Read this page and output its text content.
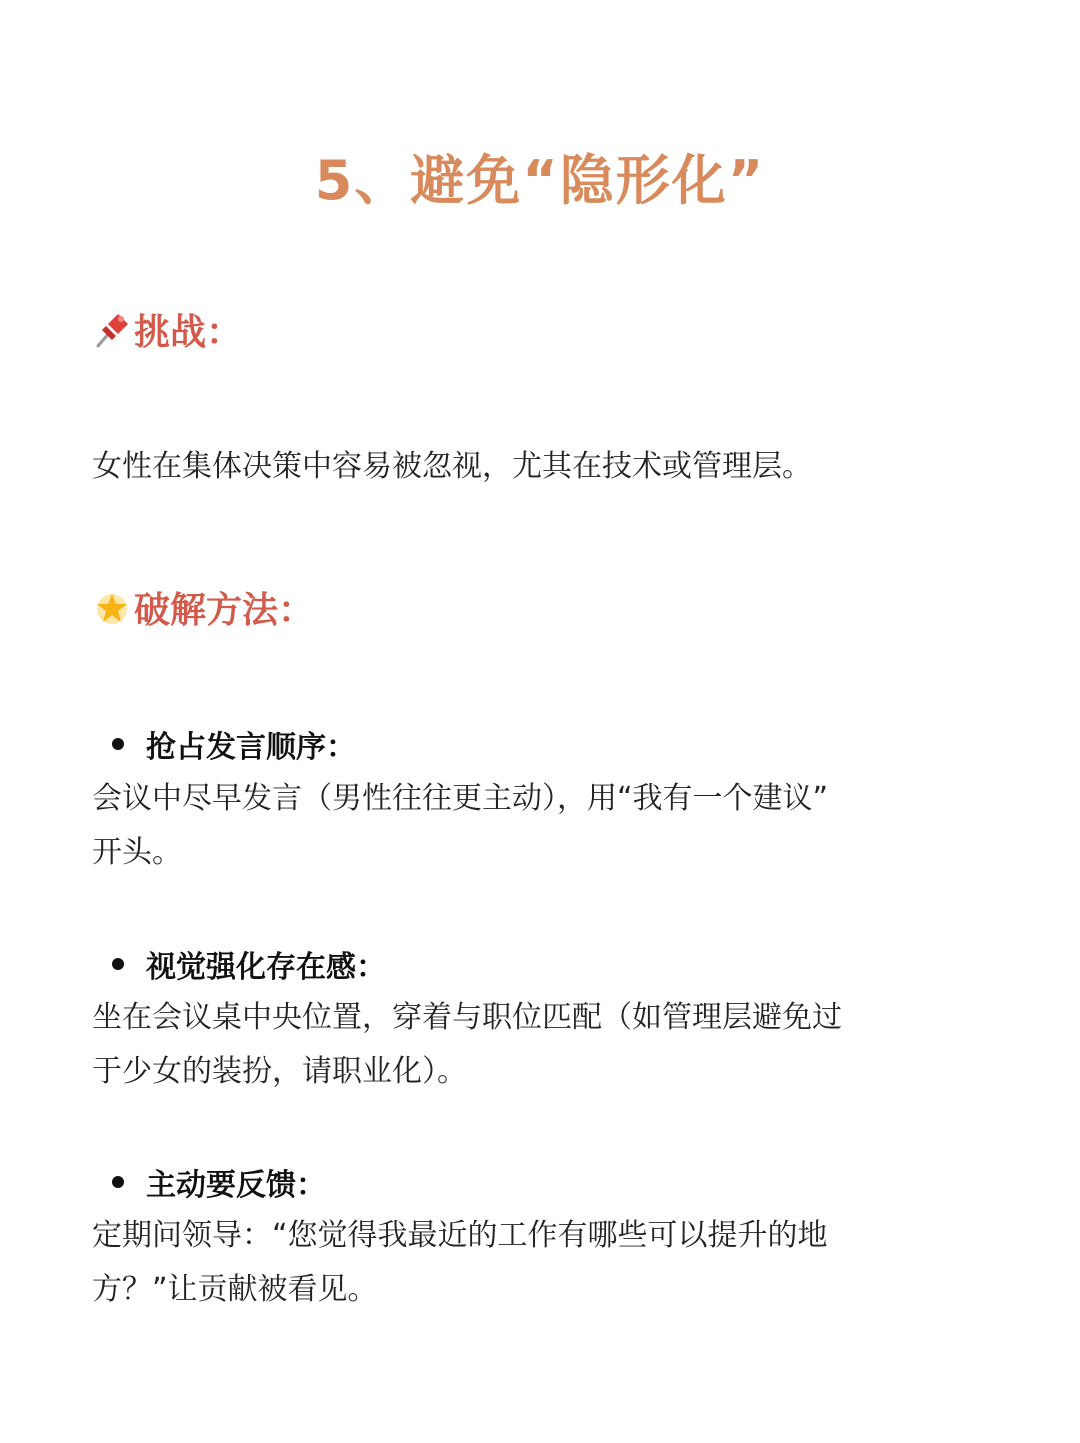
5、避免“隐形化”
挑战：
女性在集体决策中容易被忽视，尤其在技术或管理层。
破解方法：
抢占发言顺序：
会议中尽早发言（男性往往更主动），用“我有一个建议”
开头。
视觉强化存在感：
坐在会议桌中央位置，穿着与职位匹配（如管理层避免过
于少女的装扮，请职业化）。
主动要反馈：
定期问领导：“您觉得我最近的工作有哪些可以提升的地
方？”让贡献被看见。
